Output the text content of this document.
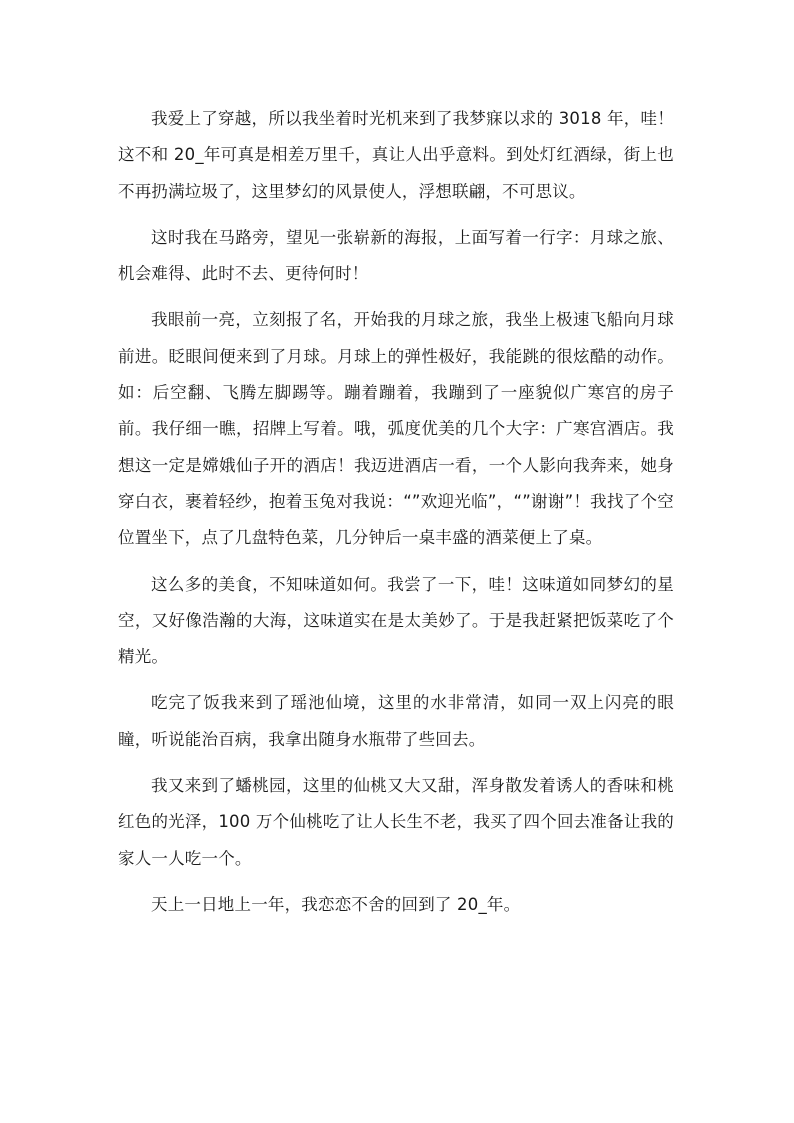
我爱上了穿越，所以我坐着时光机来到了我梦寐以求的 3018 年，哇！这不和 20_年可真是相差万里千，真让人出乎意料。到处灯红酒绿，街上也不再扔满垃圾了，这里梦幻的风景使人，浮想联翩，不可思议。

这时我在马路旁，望见一张崭新的海报，上面写着一行字：月球之旅、机会难得、此时不去、更待何时！

我眼前一亮，立刻报了名，开始我的月球之旅，我坐上极速飞船向月球前进。眨眼间便来到了月球。月球上的弹性极好，我能跳的很炫酷的动作。如：后空翻、飞腾左脚踢等。蹦着蹦着，我蹦到了一座貌似广寒宫的房子前。我仔细一瞧，招牌上写着。哦，弧度优美的几个大字：广寒宫酒店。我想这一定是嫦娥仙子开的酒店！我迈进酒店一看，一个人影向我奔来，她身穿白衣，裹着轻纱，抱着玉兔对我说：“”欢迎光临”，“”谢谢”！我找了个空位置坐下，点了几盘特色菜，几分钟后一桌丰盛的酒菜便上了桌。

这么多的美食，不知味道如何。我尝了一下，哇！这味道如同梦幻的星空，又好像浩瀚的大海，这味道实在是太美妙了。于是我赶紧把饭菜吃了个精光。

吃完了饭我来到了瑶池仙境，这里的水非常清，如同一双上闪亮的眼瞳，听说能治百病，我拿出随身水瓶带了些回去。

我又来到了蟠桃园，这里的仙桃又大又甜，浑身散发着诱人的香味和桃红色的光泽，100 万个仙桃吃了让人长生不老，我买了四个回去准备让我的家人一人吃一个。

天上一日地上一年，我恋恋不舍的回到了 20_年。
